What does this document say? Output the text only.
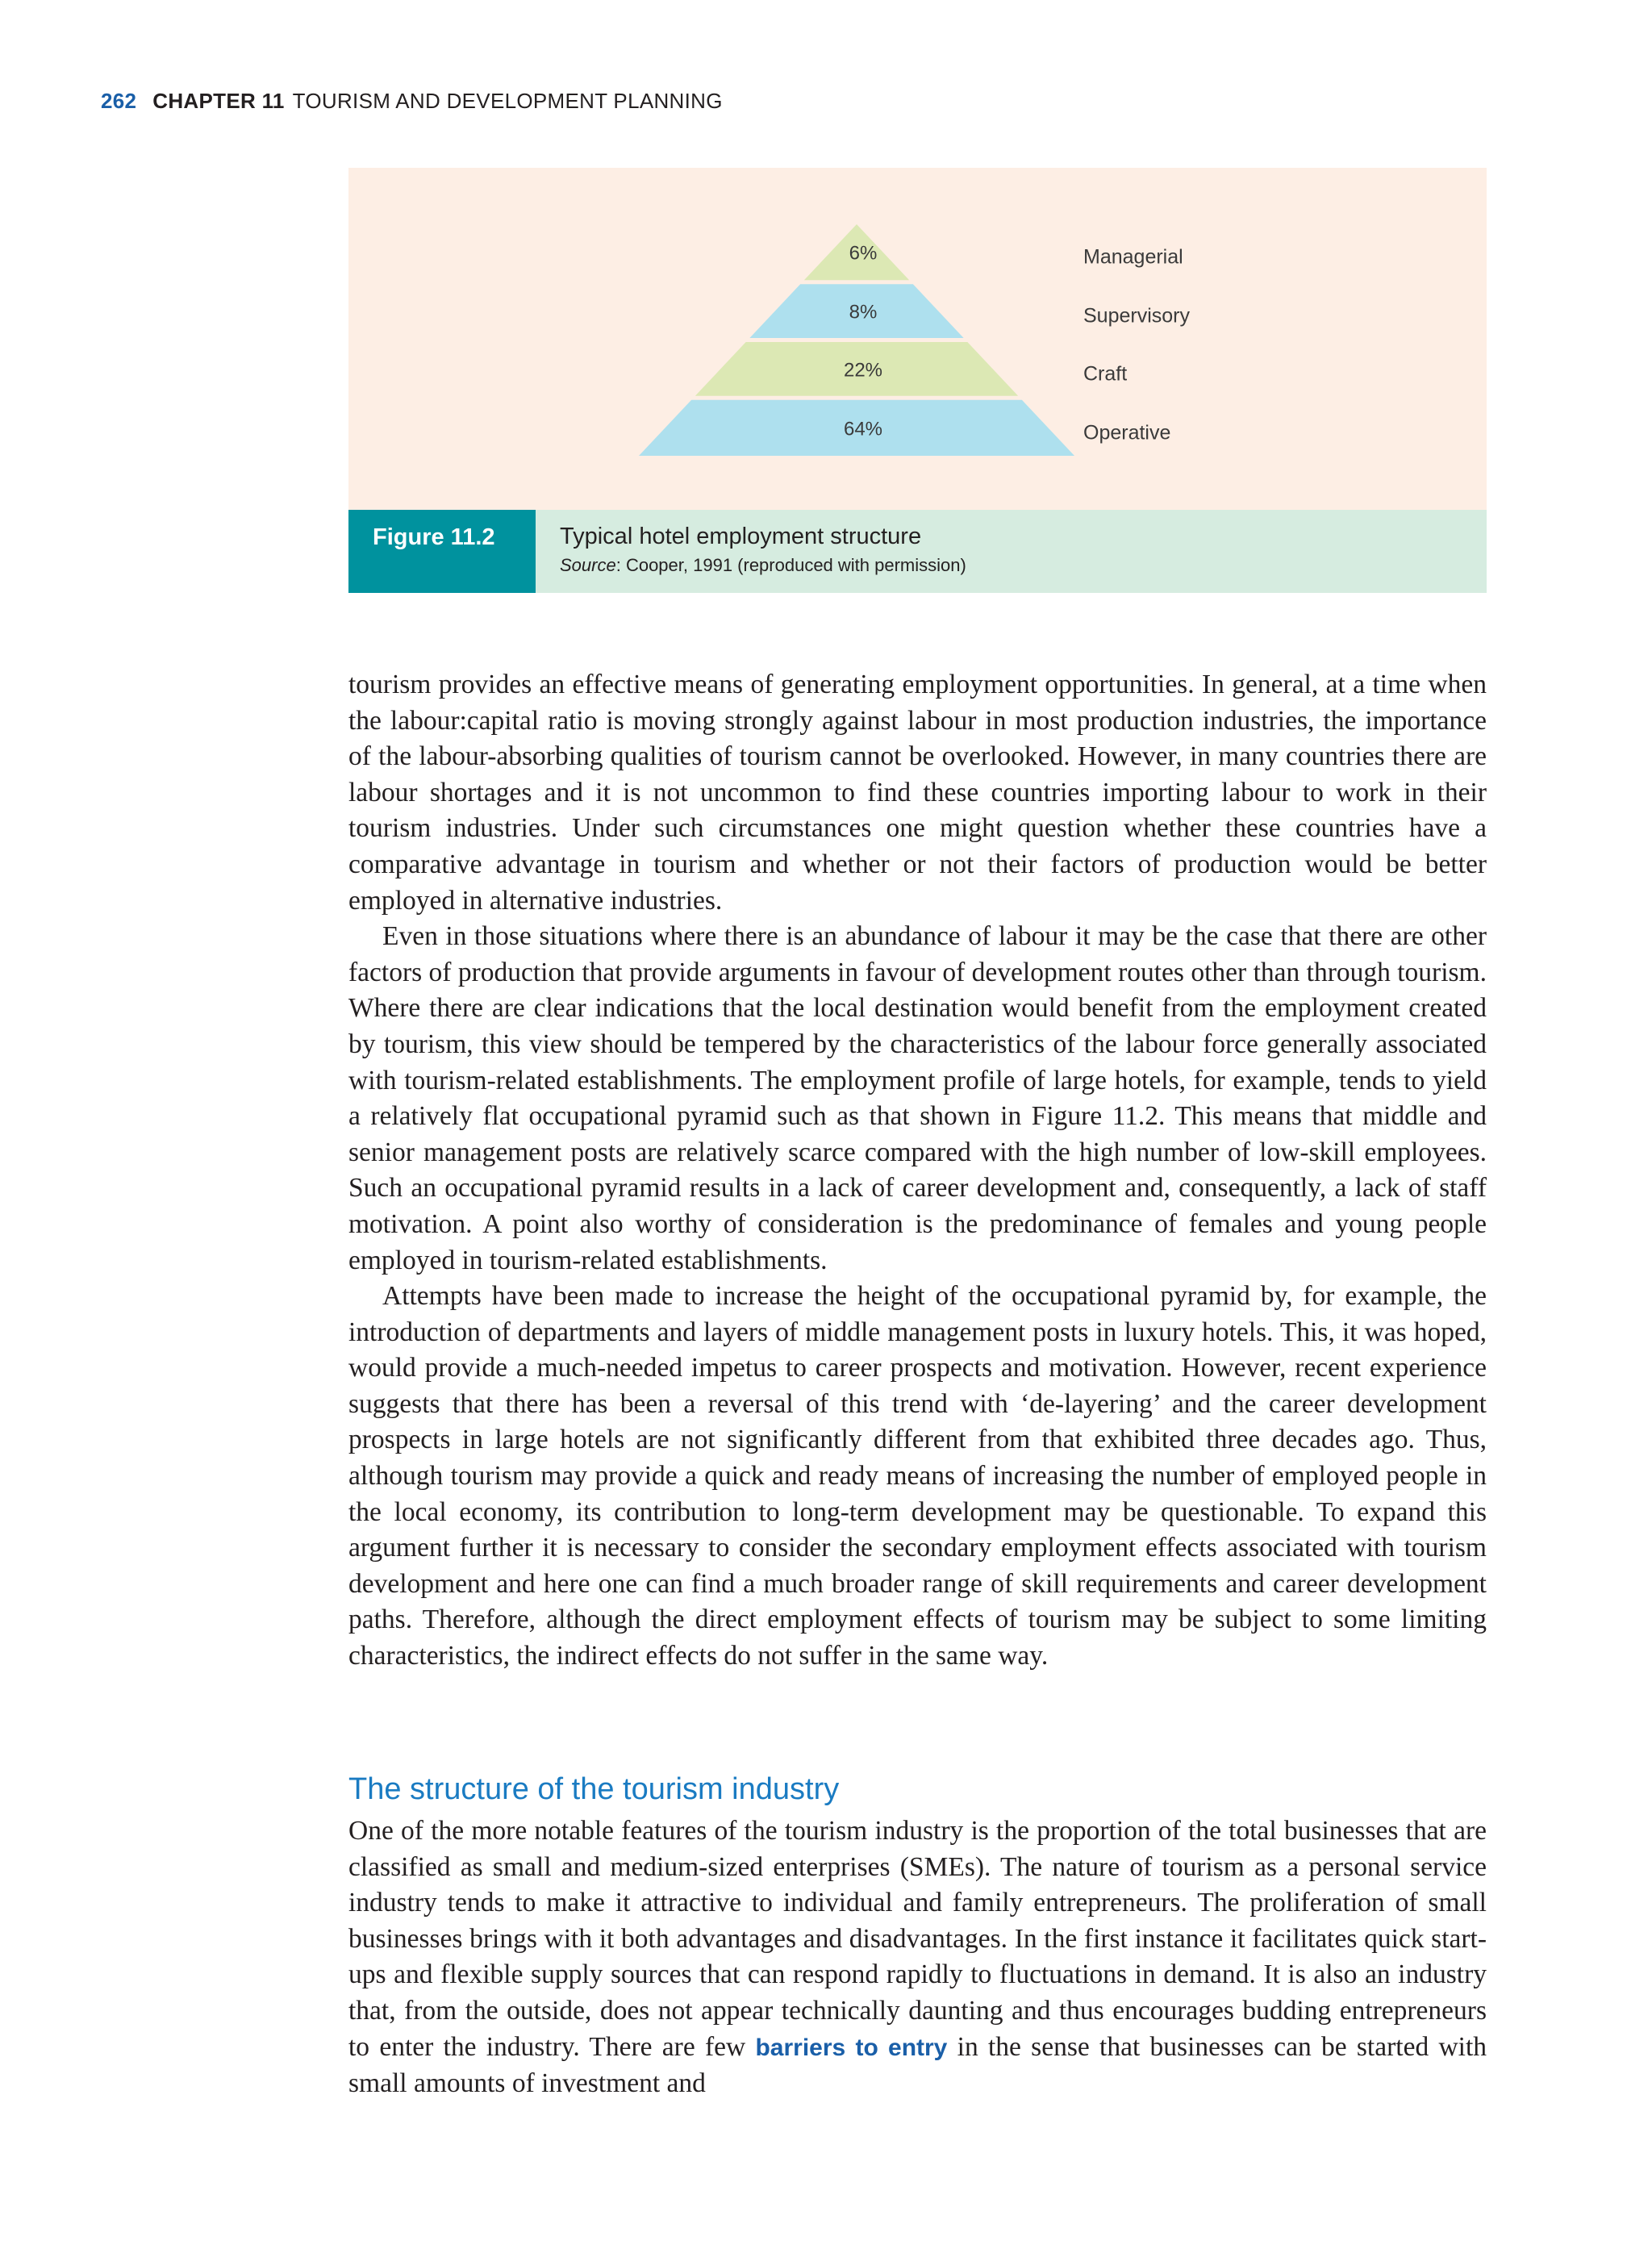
262 CHAPTER 11 TOURISM AND DEVELOPMENT PLANNING
6%	Managerial
8%	Supervisory
22%	Craft
64%	Operative
Figure 11.2	Typical hotel employment structure
Source: Cooper, 1991 (reproduced with permission)

tourism provides an effective means of generating employment opportunities. In general, at a time when the labour:capital ratio is moving strongly against labour in most production industries, the importance of the labour-absorbing qualities of tourism cannot be overlooked. However, in many countries there are labour shortages and it is not uncommon to find these countries importing labour to work in their tourism industries. Under such circumstances one might question whether these countries have a comparative advantage in tourism and whether or not their factors of production would be better employed in alternative industries.

Even in those situations where there is an abundance of labour it may be the case that there are other factors of production that provide arguments in favour of development routes other than through tourism. Where there are clear indications that the local destination would benefit from the employment created by tourism, this view should be tempered by the characteristics of the labour force generally associated with tourism-related establishments. The employment profile of large hotels, for example, tends to yield a relatively flat occupational pyramid such as that shown in Figure 11.2. This means that middle and senior management posts are relatively scarce compared with the high number of low-skill employees. Such an occupational pyramid results in a lack of career development and, consequently, a lack of staff motivation. A point also worthy of consideration is the predominance of females and young people employed in tourism-related establishments.

Attempts have been made to increase the height of the occupational pyramid by, for example, the introduction of departments and layers of middle management posts in luxury hotels. This, it was hoped, would provide a much-needed impetus to career prospects and motivation. However, recent experience suggests that there has been a reversal of this trend with ‘de-layering’ and the career development prospects in large hotels are not significantly different from that exhibited three decades ago. Thus, although tourism may provide a quick and ready means of increasing the number of employed people in the local economy, its contribution to long-term development may be questionable. To expand this argument further it is necessary to consider the secondary employment effects associated with tourism development and here one can find a much broader range of skill requirements and career development paths. Therefore, although the direct employment effects of tourism may be subject to some limiting characteristics, the indirect effects do not suffer in the same way.

The structure of the tourism industry

One of the more notable features of the tourism industry is the proportion of the total businesses that are classified as small and medium-sized enterprises (SMEs). The nature of tourism as a personal service industry tends to make it attractive to individual and family entrepreneurs. The proliferation of small businesses brings with it both advantages and disadvantages. In the first instance it facilitates quick start-ups and flexible supply sources that can respond rapidly to fluctuations in demand. It is also an industry that, from the outside, does not appear technically daunting and thus encourages budding entrepreneurs to enter the industry. There are few barriers to entry in the sense that businesses can be started with small amounts of investment and
